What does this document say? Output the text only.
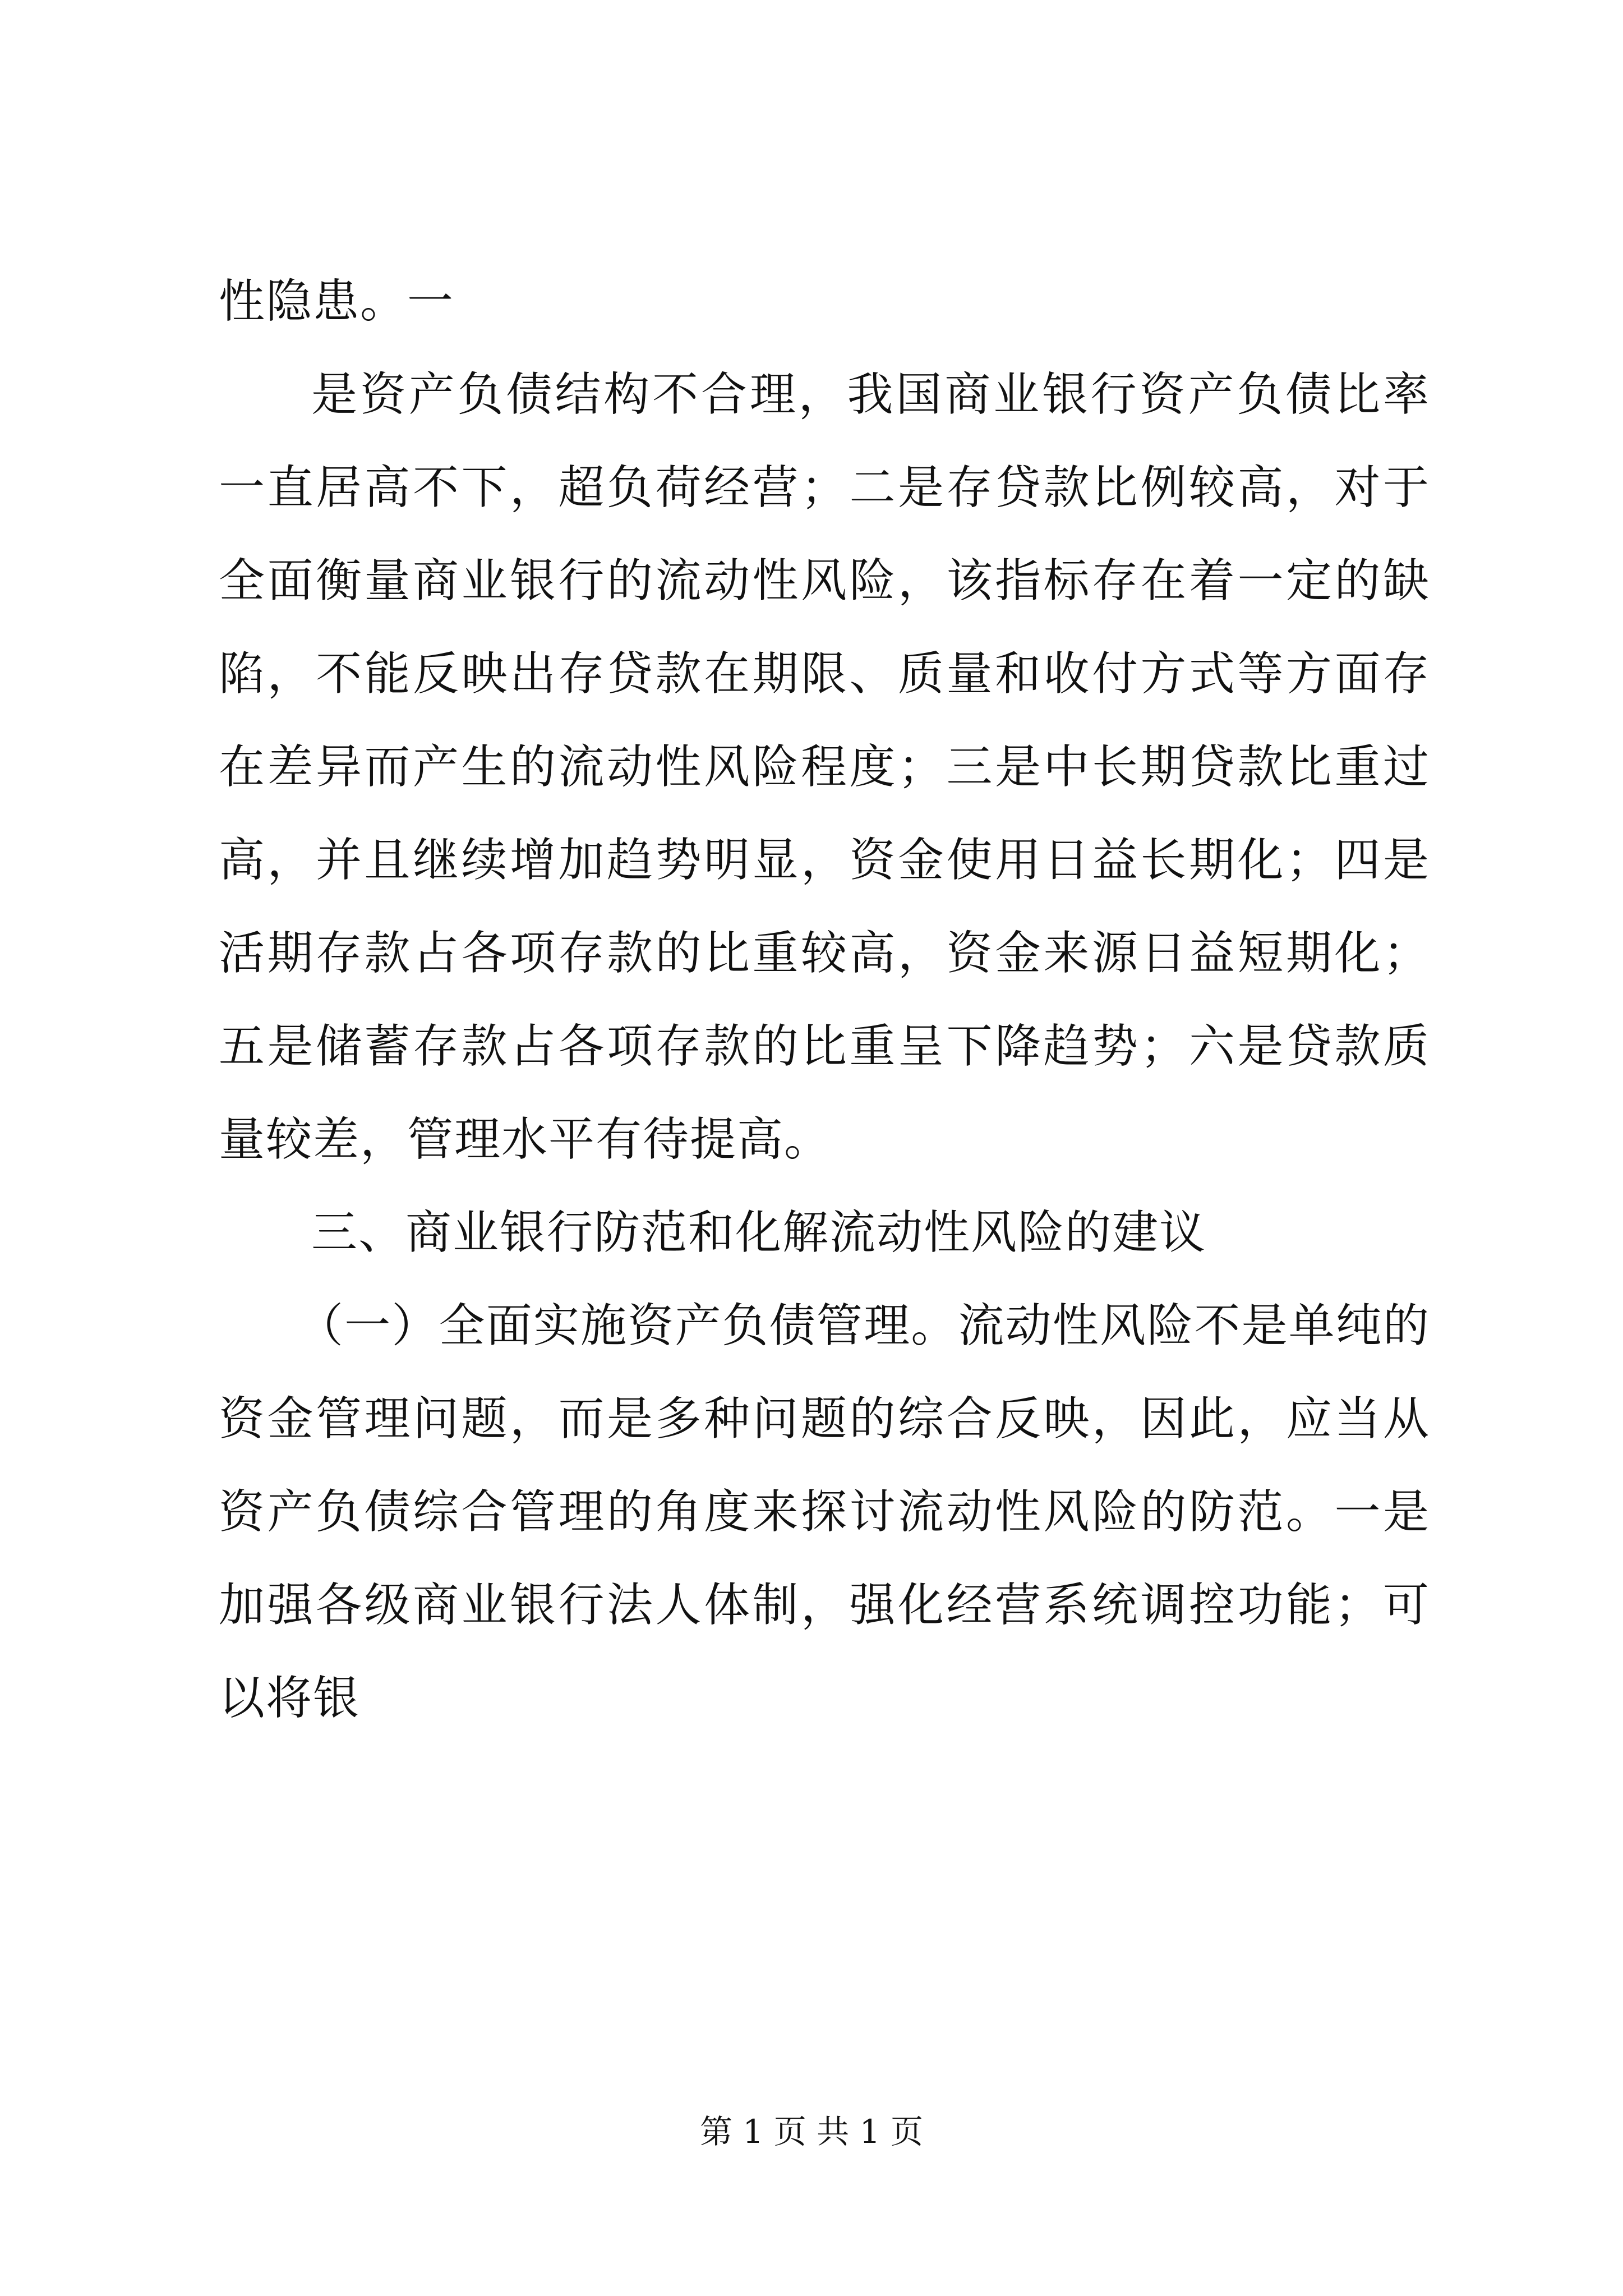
性隐患。一

是资产负债结构不合理，我国商业银行资产负债比率一直居高不下，超负荷经营；二是存贷款比例较高，对于全面衡量商业银行的流动性风险，该指标存在着一定的缺陷，不能反映出存贷款在期限、质量和收付方式等方面存在差异而产生的流动性风险程度；三是中长期贷款比重过高，并且继续增加趋势明显，资金使用日益长期化；四是活期存款占各项存款的比重较高，资金来源日益短期化；五是储蓄存款占各项存款的比重呈下降趋势；六是贷款质量较差，管理水平有待提高。

三、商业银行防范和化解流动性风险的建议

（一）全面实施资产负债管理。流动性风险不是单纯的资金管理问题，而是多种问题的综合反映，因此，应当从资产负债综合管理的角度来探讨流动性风险的防范。一是加强各级商业银行法人体制，强化经营系统调控功能；可以将银

第 1 页 共 1 页
